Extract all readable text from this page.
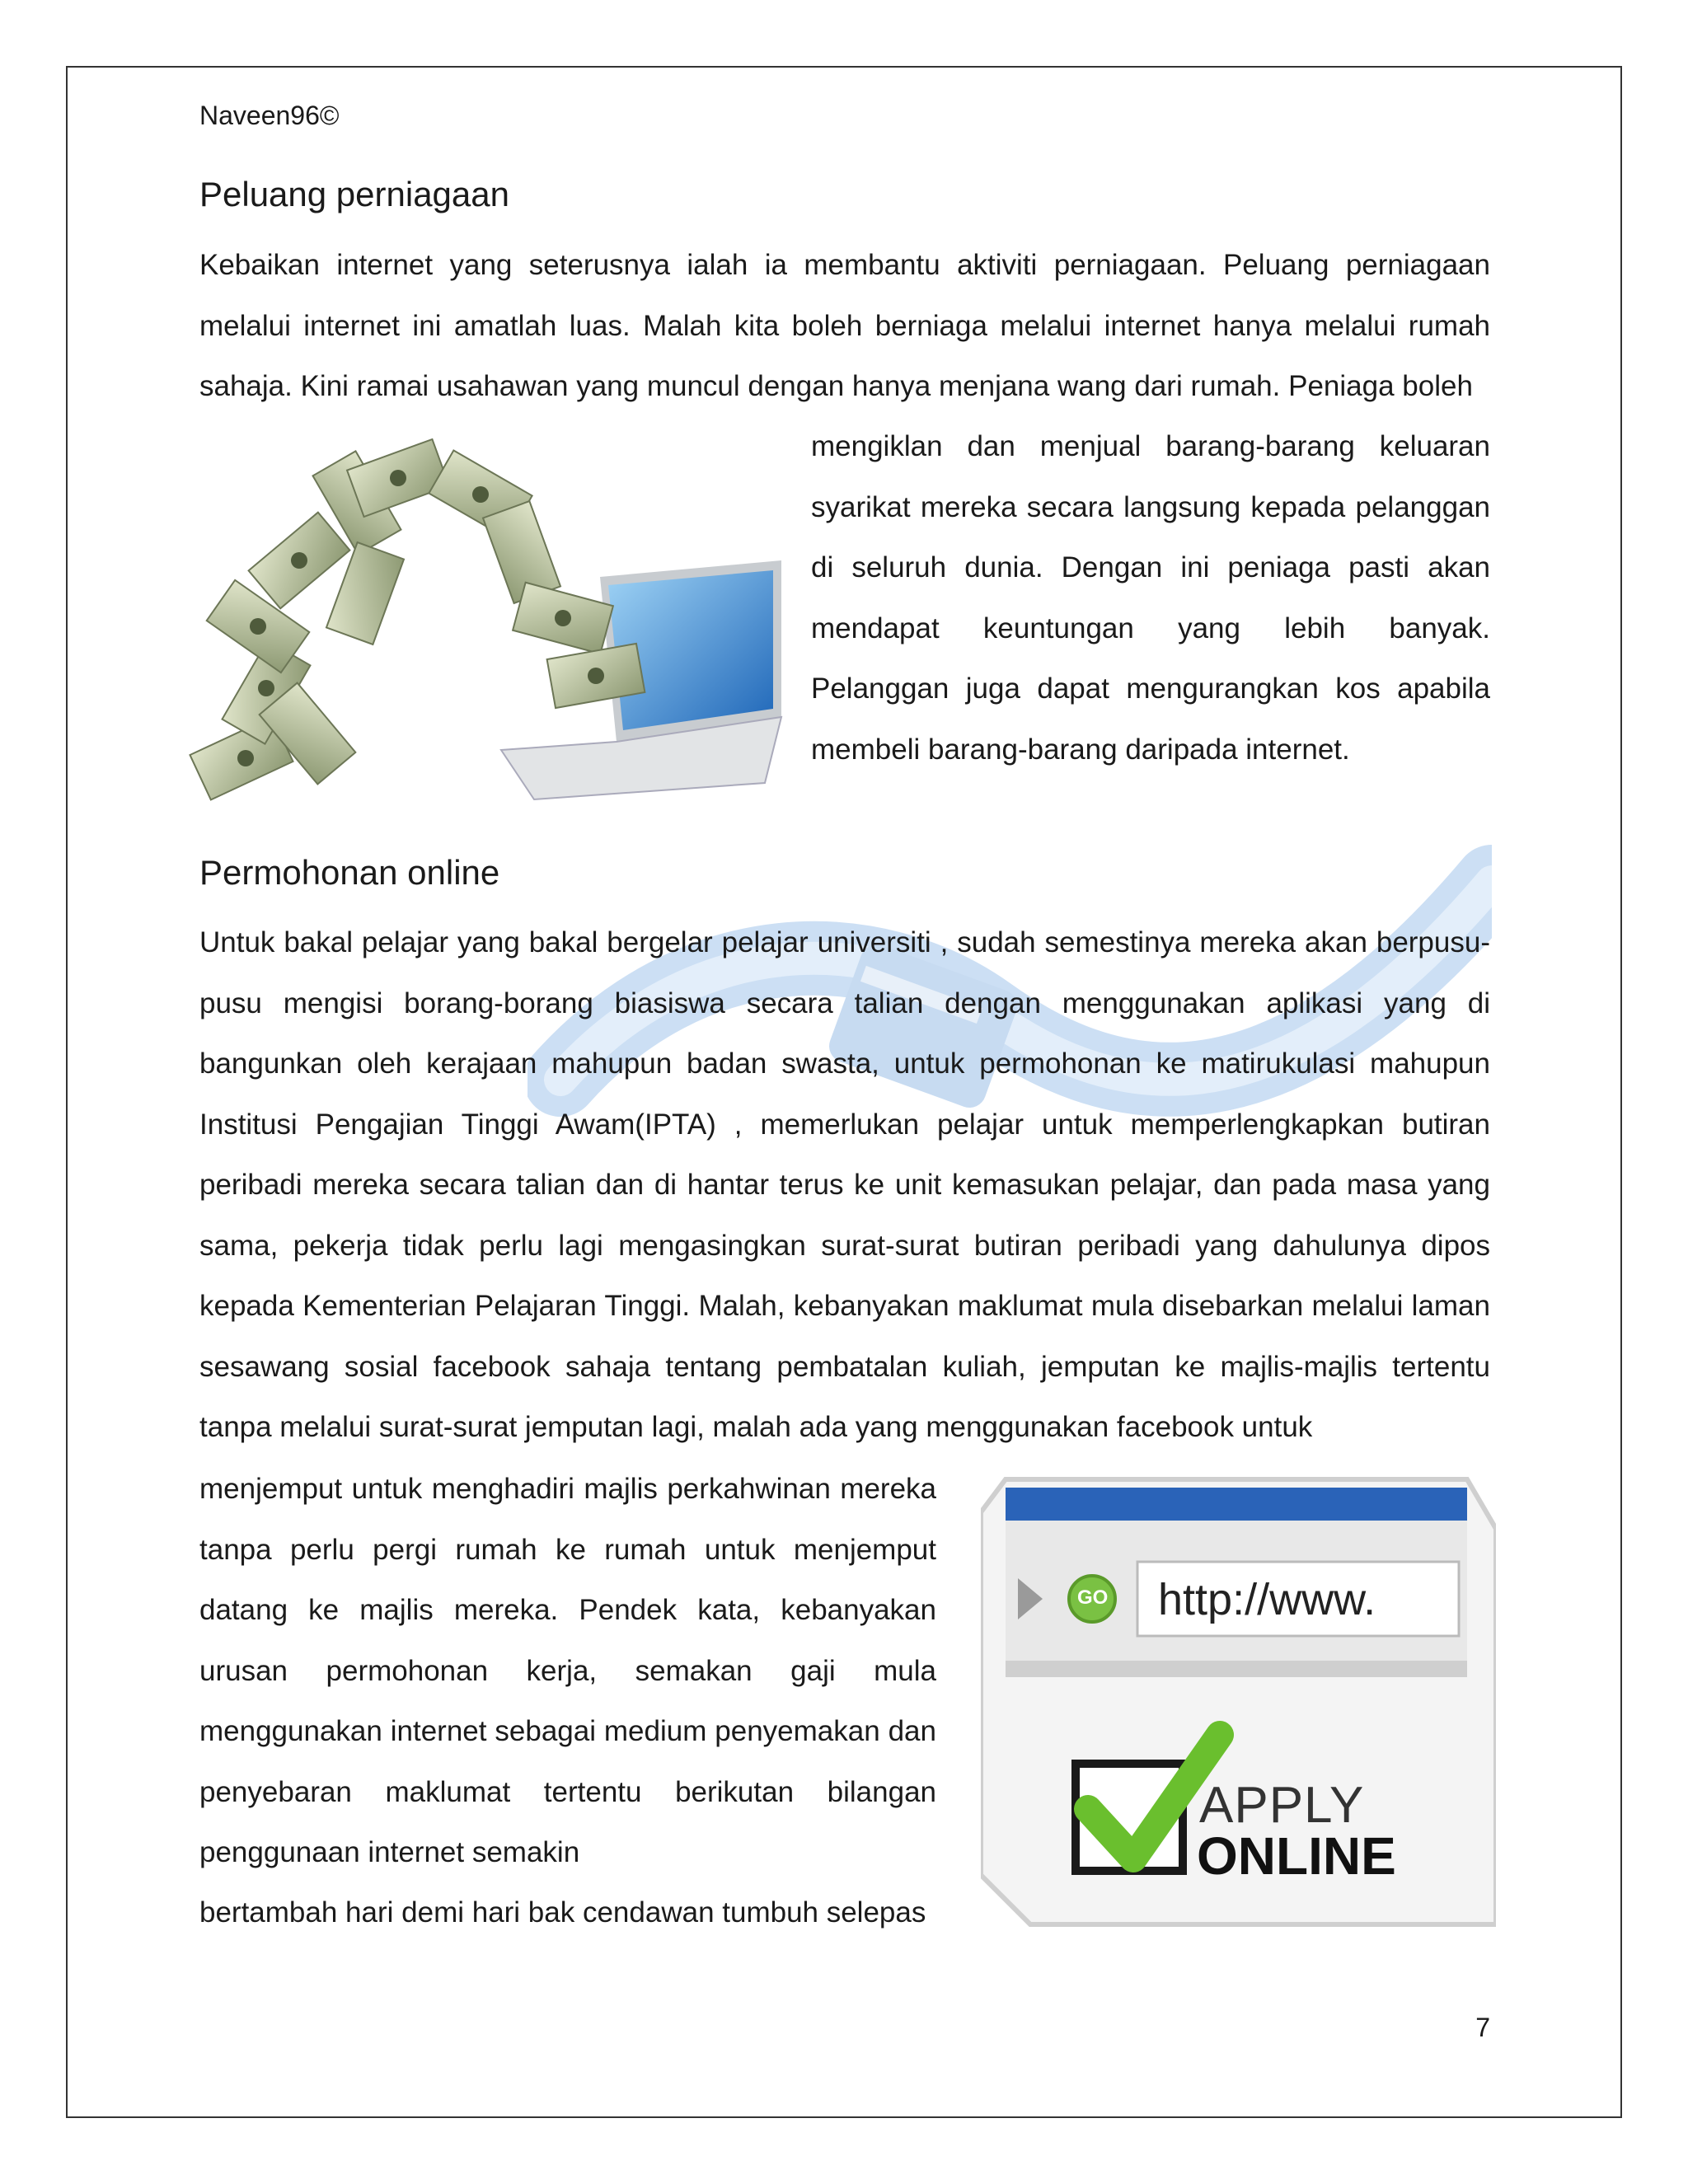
Naveen96©
Peluang perniagaan

Kebaikan internet yang seterusnya ialah ia membantu aktiviti perniagaan. Peluang perniagaan melalui internet ini amatlah luas. Malah kita boleh berniaga melalui internet hanya melalui rumah sahaja. Kini ramai usahawan yang muncul dengan hanya menjana wang dari rumah. Peniaga boleh

mengiklan dan menjual barang-barang keluaran syarikat mereka secara langsung kepada pelanggan di seluruh dunia. Dengan ini peniaga pasti akan mendapat keuntungan yang lebih banyak. Pelanggan juga dapat mengurangkan kos apabila membeli barang-barang daripada internet.

Permohonan online

Untuk bakal pelajar yang bakal bergelar pelajar universiti , sudah semestinya mereka akan berpusu-pusu mengisi borang-borang biasiswa secara talian dengan menggunakan aplikasi yang di bangunkan oleh kerajaan mahupun badan swasta, untuk permohonan ke matirukulasi mahupun Institusi Pengajian Tinggi Awam(IPTA) , memerlukan pelajar untuk memperlengkapkan butiran peribadi mereka secara talian dan di hantar terus ke unit kemasukan pelajar, dan pada masa yang sama, pekerja tidak perlu lagi mengasingkan surat-surat butiran peribadi yang dahulunya dipos kepada Kementerian Pelajaran Tinggi. Malah, kebanyakan maklumat mula disebarkan melalui laman sesawang sosial facebook sahaja tentang pembatalan kuliah, jemputan ke majlis-majlis tertentu tanpa melalui surat-surat jemputan lagi, malah ada yang menggunakan facebook untuk

menjemput untuk menghadiri majlis perkahwinan mereka tanpa perlu pergi rumah ke rumah untuk menjemput datang ke majlis mereka. Pendek kata, kebanyakan urusan permohonan kerja, semakan gaji mula menggunakan internet sebagai medium penyemakan dan penyebaran maklumat tertentu berikutan bilangan penggunaan internet semakin

bertambah hari demi hari bak cendawan tumbuh selepas

GO http://www.
APPLY
ONLINE
7
